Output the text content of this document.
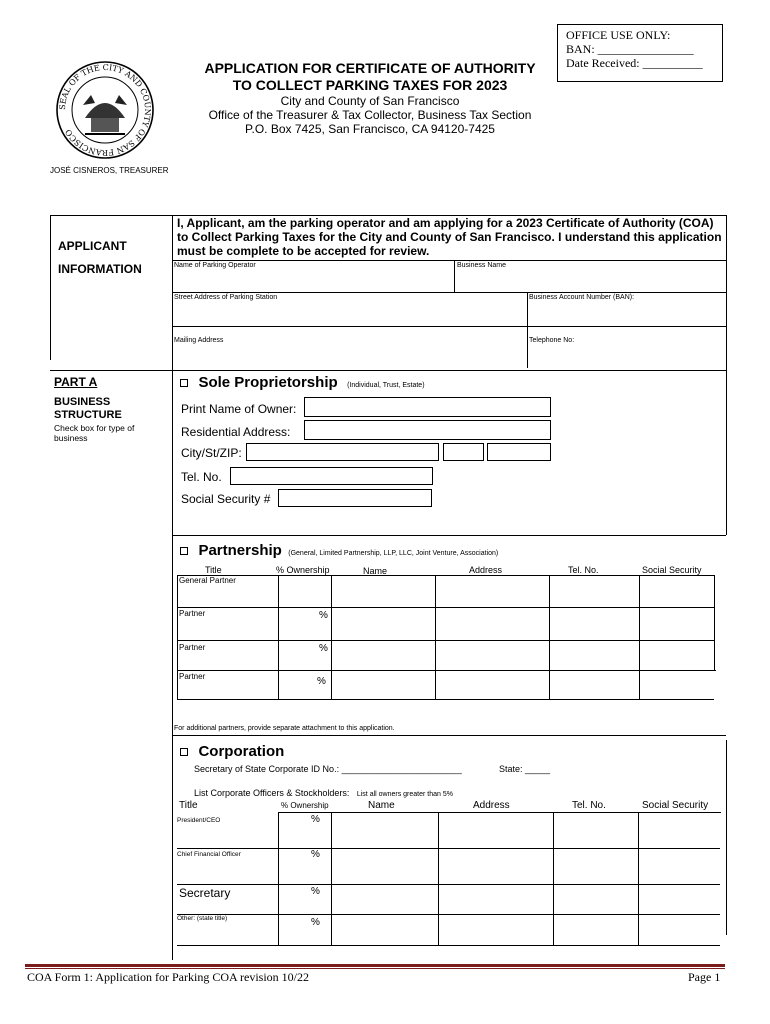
OFFICE USE ONLY:
BAN: ________________
Date Received: __________
SEAL OF THE CITY AND COUNTY OF SAN FRANCISCO
APPLICATION FOR CERTIFICATE OF AUTHORITY
TO COLLECT PARKING TAXES FOR 2023
City and County of San Francisco
Office of the Treasurer & Tax Collector, Business Tax Section
P.O. Box 7425, San Francisco, CA 94120-7425
JOSÉ CISNEROS, TREASURER
APPLICANT
INFORMATION
I, Applicant, am the parking operator and am applying for a 2023 Certificate of Authority (COA) to Collect Parking Taxes for the City and County of San Francisco. I understand this application must be complete to be accepted for review.
Name of Parking Operator	Business Name
Street Address of Parking Station	Business Account Number (BAN):
Mailing Address	Telephone No:
PART A
BUSINESS
STRUCTURE
Check box for type of business
Sole Proprietorship (Individual, Trust, Estate)
Print Name of Owner:
Residential Address:
City/St/ZIP:
Tel. No.
Social Security #
Partnership (General, Limited Partnership, LLP, LLC, Joint Venture, Association)
Title	% Ownership	Name	Address	Tel. No.	Social Security
General Partner
Partner	%
Partner	%
Partner	%
For additional partners, provide separate attachment to this application.
Corporation
Secretary of State Corporate ID No.: ________________________	State: _____
List Corporate Officers & Stockholders: List all owners greater than 5%
Title	% Ownership	Name	Address	Tel. No.	Social Security
President/CEO	%
Chief Financial Officer	%
Secretary	%
Other: (state title)	%
COA Form 1: Application for Parking COA revision 10/22	Page 1
